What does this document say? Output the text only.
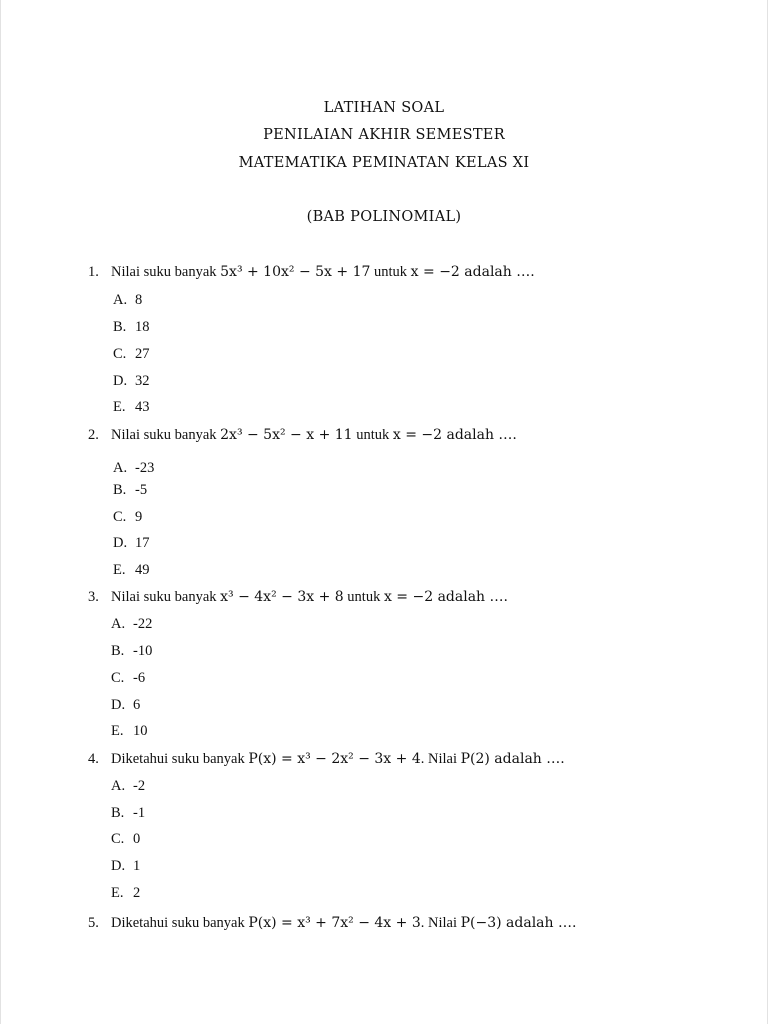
LATIHAN SOAL
PENILAIAN AKHIR SEMESTER
MATEMATIKA PEMINATAN KELAS XI
(BAB POLINOMIAL)
1. Nilai suku banyak 5x³ + 10x² − 5x + 17 untuk x = −2 adalah ….
A. 8
B. 18
C. 27
D. 32
E. 43
2. Nilai suku banyak 2x³ − 5x² − x + 11 untuk x = −2 adalah ….
A. -23
B. -5
C. 9
D. 17
E. 49
3. Nilai suku banyak x³ − 4x² − 3x + 8 untuk x = −2 adalah ….
A. -22
B. -10
C. -6
D. 6
E. 10
4. Diketahui suku banyak P(x) = x³ − 2x² − 3x + 4. Nilai P(2) adalah ….
A. -2
B. -1
C. 0
D. 1
E. 2
5. Diketahui suku banyak P(x) = x³ + 7x² − 4x + 3. Nilai P(−3) adalah ….
